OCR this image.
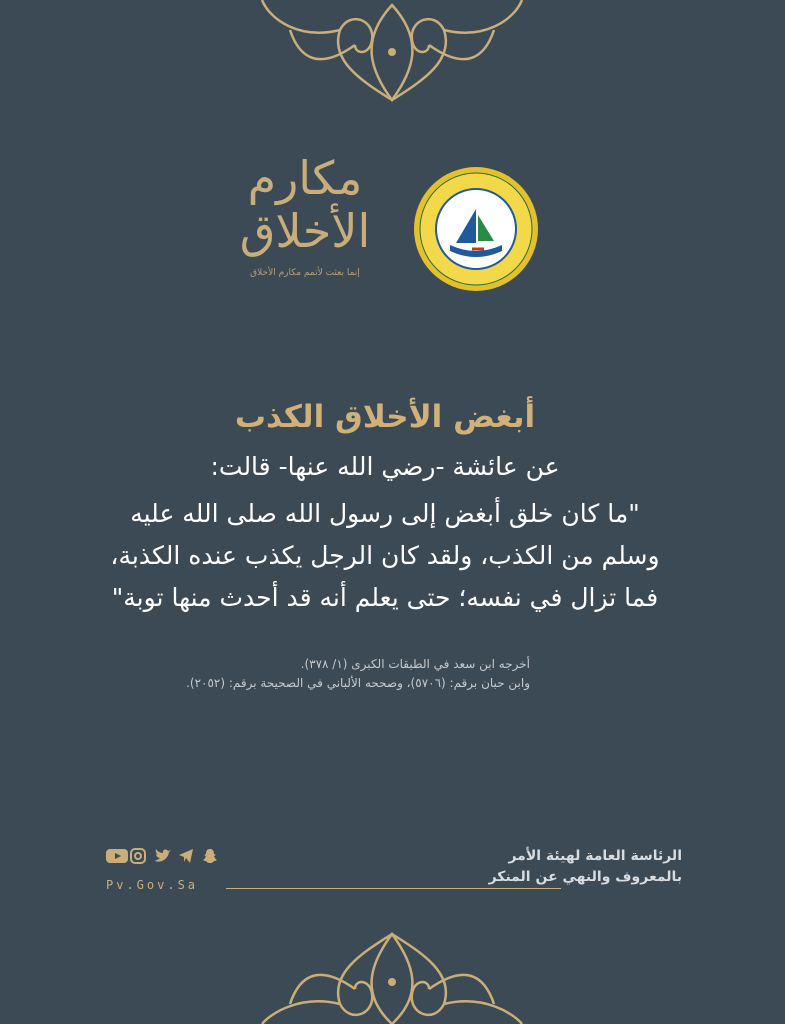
مكارم
الأخلاق
إنما بعثت لأتمم مكارم الأخلاق
أبغض الأخلاق الكذب

عن عائشة -رضي الله عنها- قالت:

"ما كان خلق أبغض إلى رسول الله صلى الله عليه

وسلم من الكذب، ولقد كان الرجل يكذب عنده الكذبة،

فما تزال في نفسه؛ حتى يعلم أنه قد أحدث منها توبة"

أخرجه ابن سعد في الطبقات الكبرى (١/ ٣٧٨).
وابن حبان برقم: (٥٧٠٦)، وصححه الألباني في الصحيحة برقم: (٢٠٥٢).
Pv.Gov.Sa
الرئاسة العامة لهيئة الأمر
بالمعروف والنهي عن المنكر
